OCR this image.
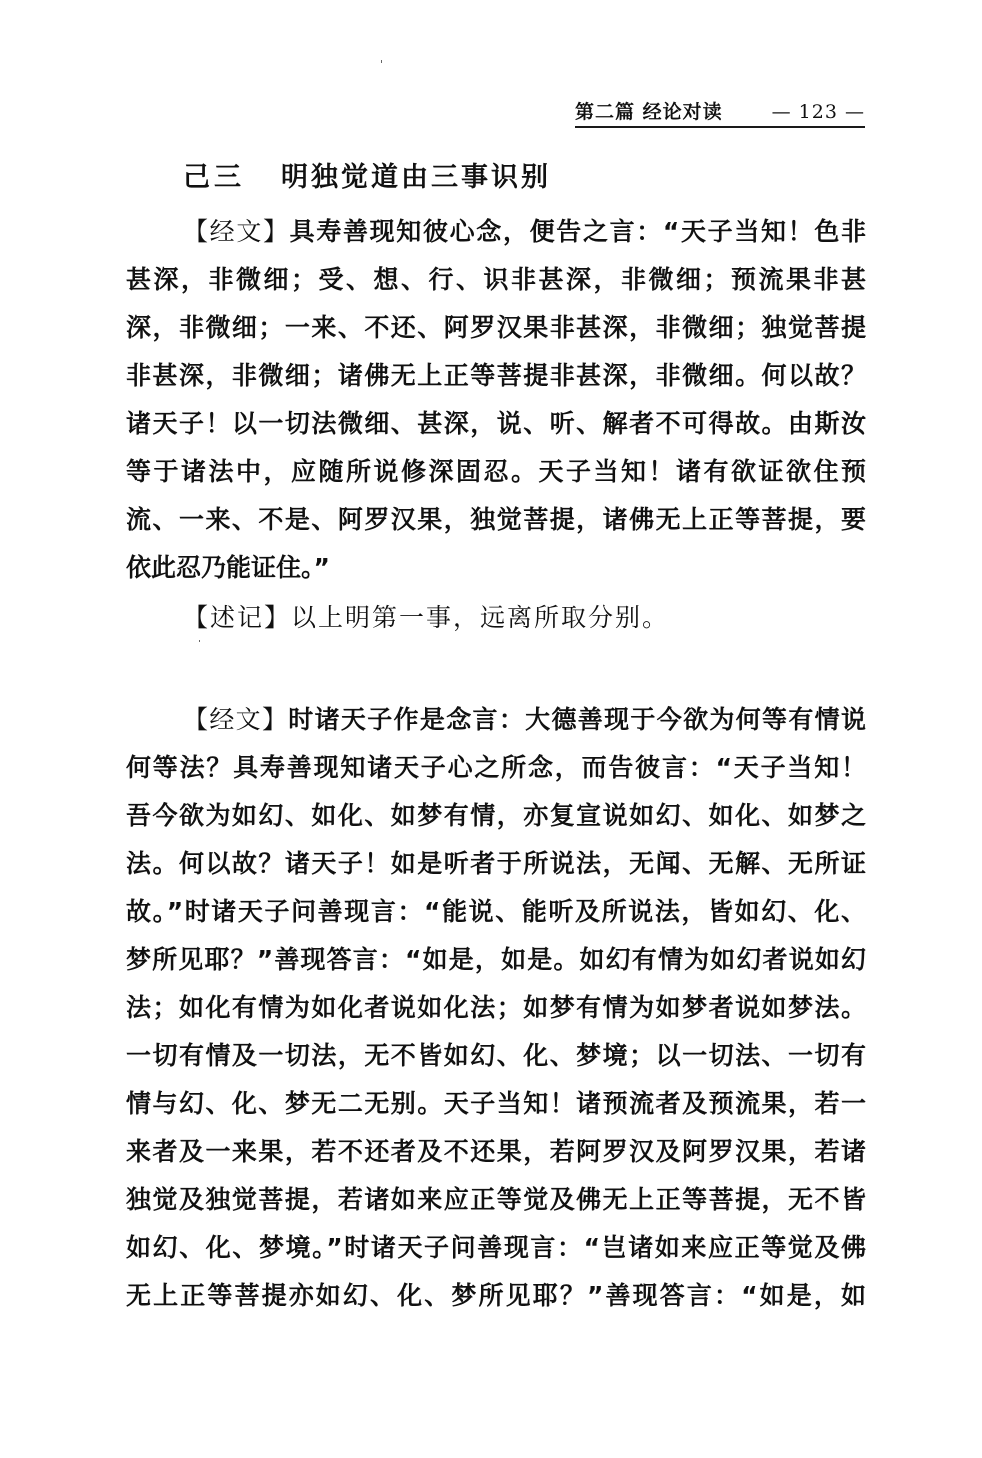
第二篇 经论对读	— 123 —
己三 明独觉道由三事识别
【经文】具寿善现知彼心念，便告之言：“天子当知！色非
甚深，非微细；受、想、行、识非甚深，非微细；预流果非甚
深，非微细；一来、不还、阿罗汉果非甚深，非微细；独觉菩提
非甚深，非微细；诸佛无上正等菩提非甚深，非微细。何以故？
诸天子！以一切法微细、甚深，说、听、解者不可得故。由斯汝
等于诸法中，应随所说修深固忍。天子当知！诸有欲证欲住预
流、一来、不是、阿罗汉果，独觉菩提，诸佛无上正等菩提，要
依此忍乃能证住。”
【述记】以上明第一事，远离所取分别。
【经文】时诸天子作是念言：大德善现于今欲为何等有情说
何等法？具寿善现知诸天子心之所念，而告彼言：“天子当知！
吾今欲为如幻、如化、如梦有情，亦复宣说如幻、如化、如梦之
法。何以故？诸天子！如是听者于所说法，无闻、无解、无所证
故。”时诸天子问善现言：“能说、能听及所说法，皆如幻、化、
梦所见耶？”善现答言：“如是，如是。如幻有情为如幻者说如幻
法；如化有情为如化者说如化法；如梦有情为如梦者说如梦法。
一切有情及一切法，无不皆如幻、化、梦境；以一切法、一切有
情与幻、化、梦无二无别。天子当知！诸预流者及预流果，若一
来者及一来果，若不还者及不还果，若阿罗汉及阿罗汉果，若诸
独觉及独觉菩提，若诸如来应正等觉及佛无上正等菩提，无不皆
如幻、化、梦境。”时诸天子问善现言：“岂诸如来应正等觉及佛
无上正等菩提亦如幻、化、梦所见耶？”善现答言：“如是，如
